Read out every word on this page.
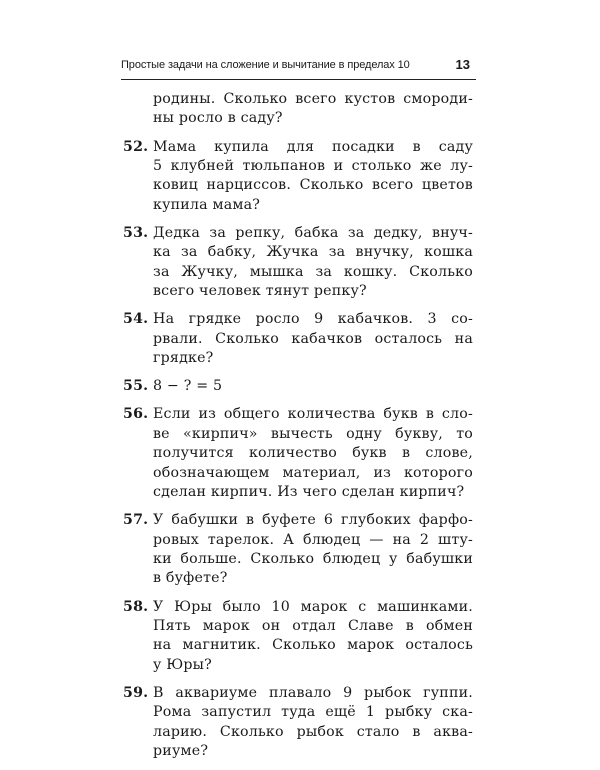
Простые задачи на сложение и вычитание в пределах 10	13
родины. Сколько всего кустов смороди-
ны росло в саду?
52. Мама купила для посадки в саду
5 клубней тюльпанов и столько же лу-
ковиц нарциссов. Сколько всего цветов
купила мама?
53. Дедка за репку, бабка за дедку, внуч-
ка за бабку, Жучка за внучку, кошка
за Жучку, мышка за кошку. Сколько
всего человек тянут репку?
54. На грядке росло 9 кабачков. 3 со-
рвали. Сколько кабачков осталось на
грядке?
55. 8 − ? = 5
56. Если из общего количества букв в сло-
ве «кирпич» вычесть одну букву, то
получится количество букв в слове,
обозначающем материал, из которого
сделан кирпич. Из чего сделан кирпич?
57. У бабушки в буфете 6 глубоких фарфо-
ровых тарелок. А блюдец — на 2 шту-
ки больше. Сколько блюдец у бабушки
в буфете?
58. У Юры было 10 марок с машинками.
Пять марок он отдал Славе в обмен
на магнитик. Сколько марок осталось
у Юры?
59. В аквариуме плавало 9 рыбок гуппи.
Рома запустил туда ещё 1 рыбку ска-
ларию. Сколько рыбок стало в аква-
риуме?
